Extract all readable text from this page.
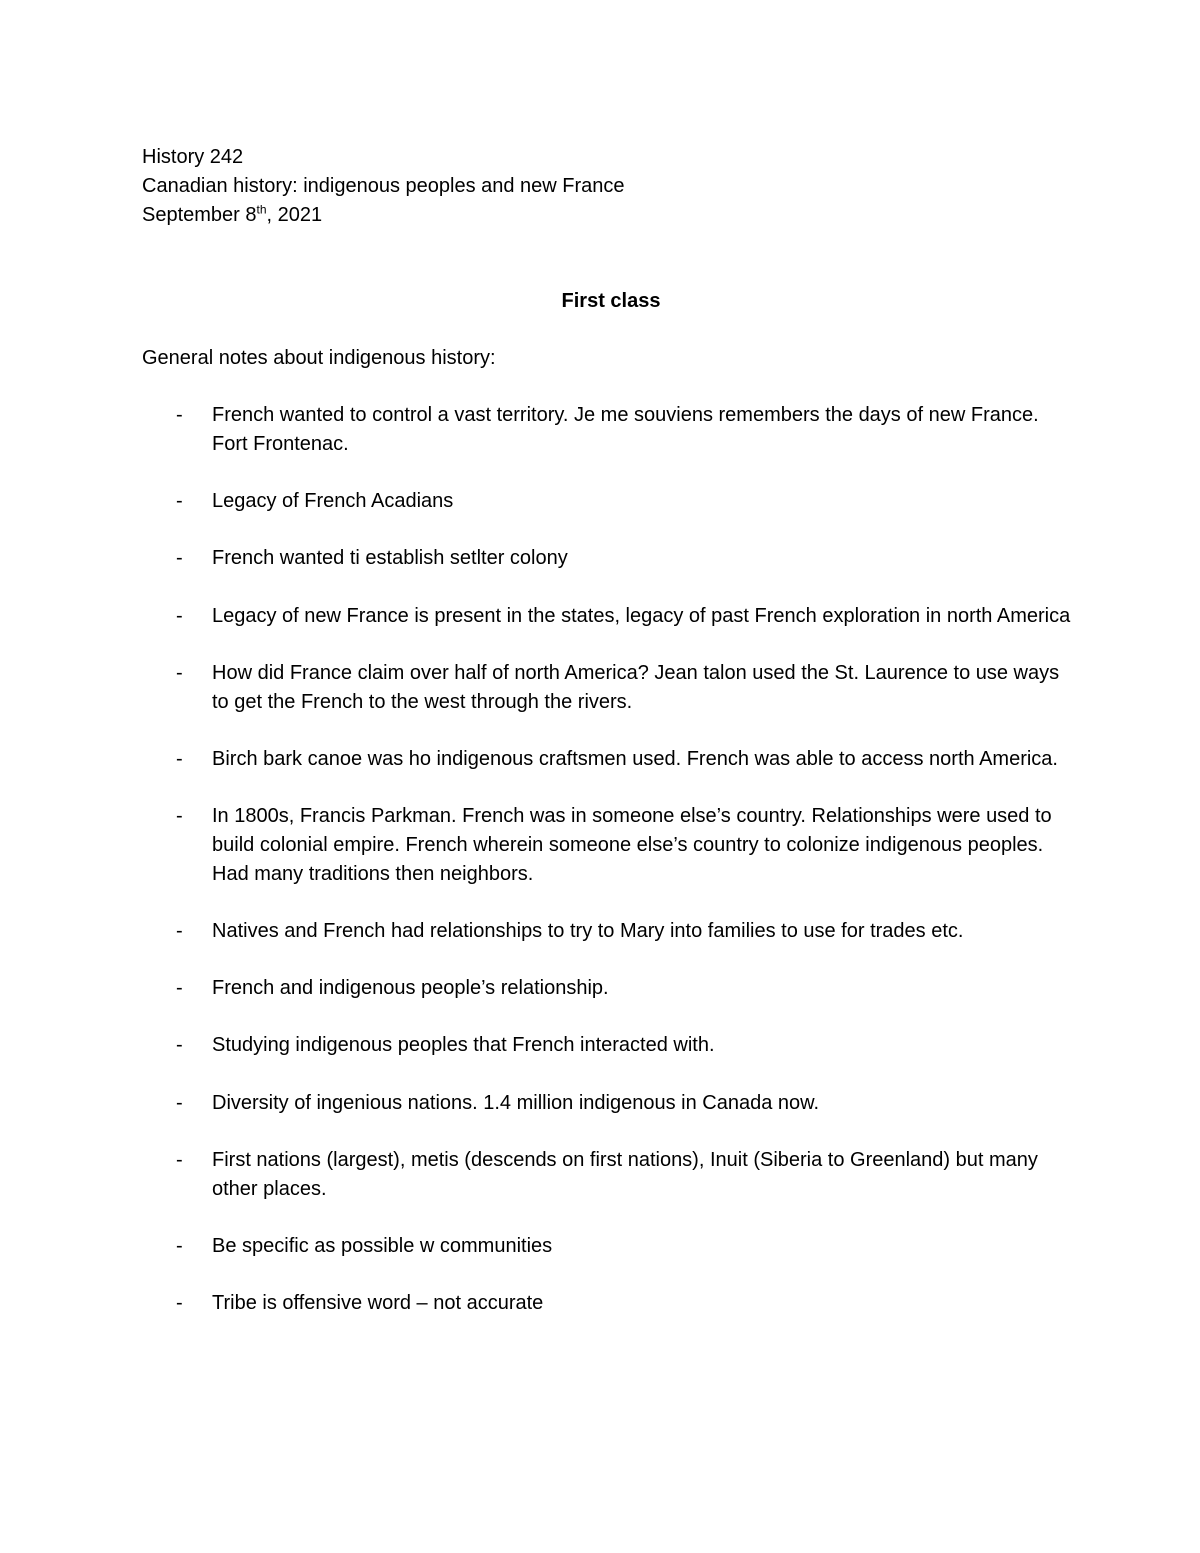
History 242
Canadian history: indigenous peoples and new France
September 8th, 2021
First class
General notes about indigenous history:
- French wanted to control a vast territory. Je me souviens remembers the days of new France. Fort Frontenac.
- Legacy of French Acadians
- French wanted ti establish setlter colony
- Legacy of new France is present in the states, legacy of past French exploration in north America
- How did France claim over half of north America? Jean talon used the St. Laurence to use ways to get the French to the west through the rivers.
- Birch bark canoe was ho indigenous craftsmen used. French was able to access north America.
- In 1800s, Francis Parkman. French was in someone else’s country. Relationships were used to build colonial empire. French wherein someone else’s country to colonize indigenous peoples. Had many traditions then neighbors.
- Natives and French had relationships to try to Mary into families to use for trades etc.
- French and indigenous people’s relationship.
- Studying indigenous peoples that French interacted with.
- Diversity of ingenious nations. 1.4 million indigenous in Canada now.
- First nations (largest), metis (descends on first nations), Inuit (Siberia to Greenland) but many other places.
- Be specific as possible w communities
- Tribe is offensive word – not accurate
